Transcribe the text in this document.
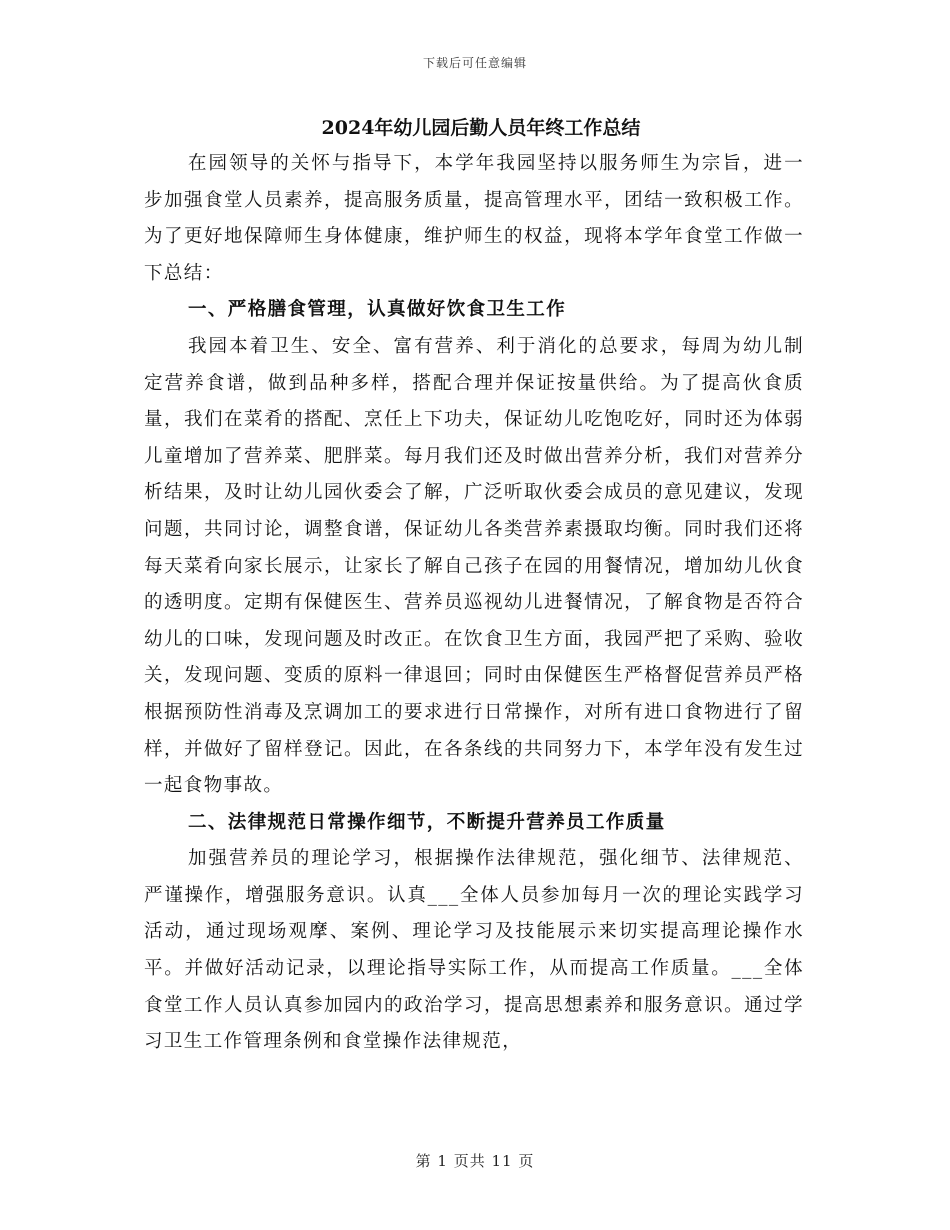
下载后可任意编辑
2024年幼儿园后勤人员年终工作总结

在园领导的关怀与指导下，本学年我园坚持以服务师生为宗旨，进一步加强食堂人员素养，提高服务质量，提高管理水平，团结一致积极工作。为了更好地保障师生身体健康，维护师生的权益，现将本学年食堂工作做一下总结：

一、严格膳食管理，认真做好饮食卫生工作

我园本着卫生、安全、富有营养、利于消化的总要求，每周为幼儿制定营养食谱，做到品种多样，搭配合理并保证按量供给。为了提高伙食质量，我们在菜肴的搭配、烹任上下功夫，保证幼儿吃饱吃好，同时还为体弱儿童增加了营养菜、肥胖菜。每月我们还及时做出营养分析，我们对营养分析结果，及时让幼儿园伙委会了解，广泛听取伙委会成员的意见建议，发现问题，共同讨论，调整食谱，保证幼儿各类营养素摄取均衡。同时我们还将每天菜肴向家长展示，让家长了解自己孩子在园的用餐情况，增加幼儿伙食的透明度。定期有保健医生、营养员巡视幼儿进餐情况，了解食物是否符合幼儿的口味，发现问题及时改正。在饮食卫生方面，我园严把了采购、验收关，发现问题、变质的原料一律退回；同时由保健医生严格督促营养员严格根据预防性消毒及烹调加工的要求进行日常操作，对所有进口食物进行了留样，并做好了留样登记。因此，在各条线的共同努力下，本学年没有发生过一起食物事故。

二、法律规范日常操作细节，不断提升营养员工作质量

加强营养员的理论学习，根据操作法律规范，强化细节、法律规范、严谨操作，增强服务意识。认真___全体人员参加每月一次的理论实践学习活动，通过现场观摩、案例、理论学习及技能展示来切实提高理论操作水平。并做好活动记录，以理论指导实际工作，从而提高工作质量。___全体食堂工作人员认真参加园内的政治学习，提高思想素养和服务意识。通过学习卫生工作管理条例和食堂操作法律规范，

第 1 页共 11 页
